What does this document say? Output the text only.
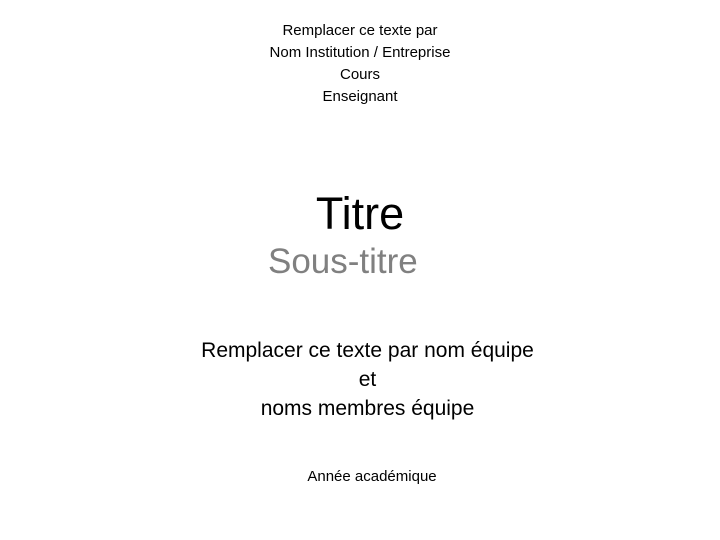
Remplacer ce texte par
Nom Institution / Entreprise
Cours
Enseignant
Titre
Sous-titre
Remplacer ce texte par nom équipe
et
noms membres équipe
Année académique
